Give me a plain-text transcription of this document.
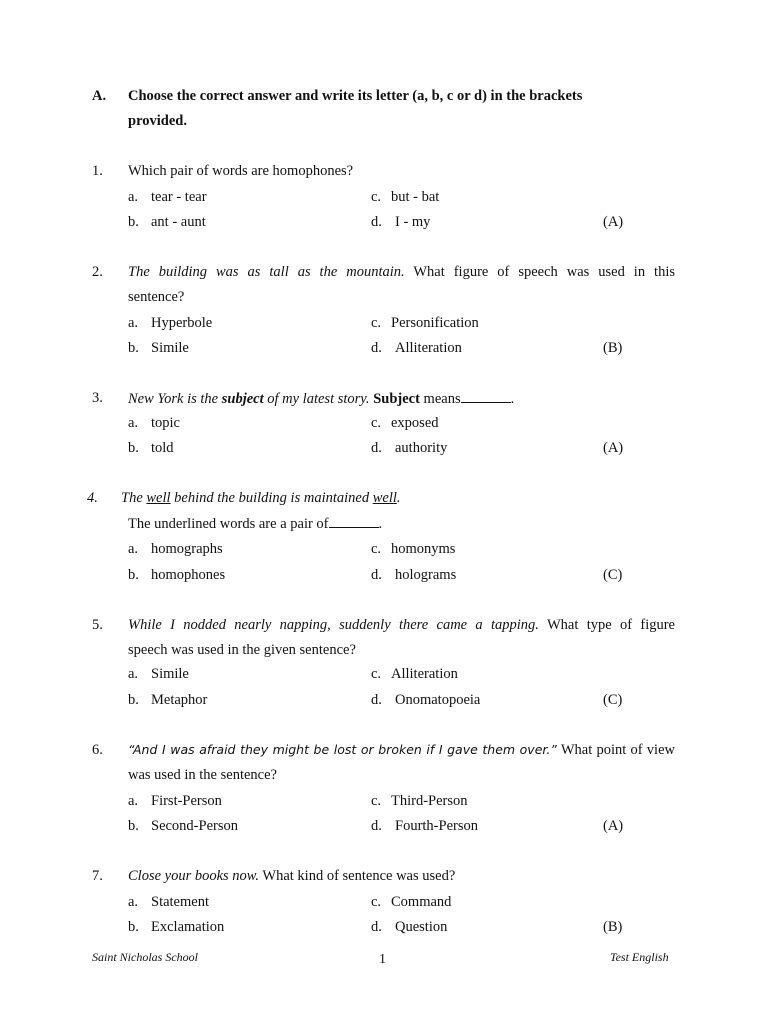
A. Choose the correct answer and write its letter (a, b, c or d) in the brackets
provided.
1. Which pair of words are homophones?
a. tear - tear	c. but - bat
b. ant - aunt	d. I - my	(A)
2. The building was as tall as the mountain. What figure of speech was used in this
sentence?
a. Hyperbole	c. Personification
b. Simile	d. Alliteration	(B)
3. New York is the subject of my latest story. Subject means	.
a. topic	c. exposed
b. told	d. authority	(A)
4. The well behind the building is maintained well.
The underlined words are a pair of	.
a. homographs	c. homonyms
b. homophones	d. holograms	(C)
5. While I nodded nearly napping, suddenly there came a tapping. What type of figure
speech was used in the given sentence?
a. Simile	c. Alliteration
b. Metaphor	d. Onomatopoeia	(C)
6. “And I was afraid they might be lost or broken if I gave them over.” What point of view
was used in the sentence?
a. First-Person	c. Third-Person
b. Second-Person	d. Fourth-Person	(A)
7. Close your books now. What kind of sentence was used?
a. Statement	c. Command
b. Exclamation	d. Question	(B)
Saint Nicholas School	1	Test English
